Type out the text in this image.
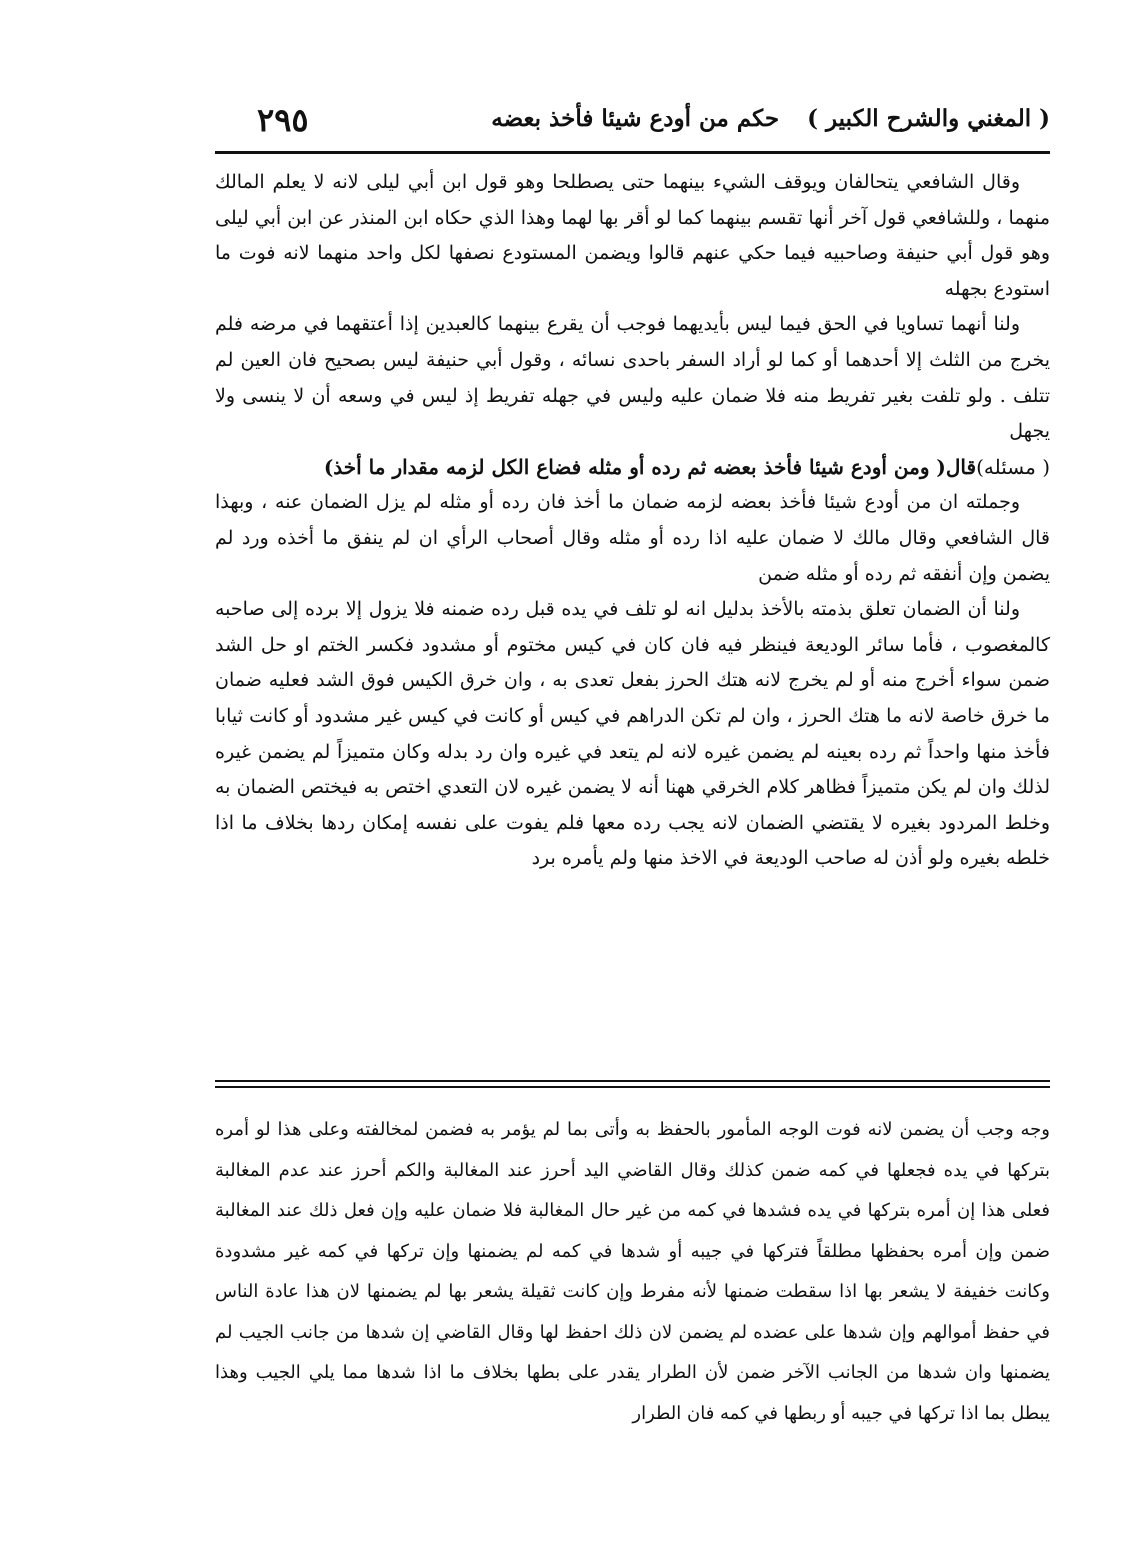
( المغني والشرح الكبير )حكم من أودع شيئا فأخذ بعضه
٢٩٥

وقال الشافعي يتحالفان ويوقف الشيء بينهما حتى يصطلحا وهو قول ابن أبي ليلى لانه لا يعلم المالك منهما ، وللشافعي قول آخر أنها تقسم بينهما كما لو أقر بها لهما وهذا الذي حكاه ابن المنذر عن ابن أبي ليلى وهو قول أبي حنيفة وصاحبيه فيما حكي عنهم قالوا ويضمن المستودع نصفها لكل واحد منهما لانه فوت ما استودع بجهله

ولنا أنهما تساويا في الحق فيما ليس بأيديهما فوجب أن يقرع بينهما كالعبدين إذا أعتقهما في مرضه فلم يخرج من الثلث إلا أحدهما أو كما لو أراد السفر باحدى نسائه ، وقول أبي حنيفة ليس بصحيح فان العين لم تتلف . ولو تلفت بغير تفريط منه فلا ضمان عليه وليس في جهله تفريط إذ ليس في وسعه أن لا ينسى ولا يجهل

( مسئله)قال( ومن أودع شيئا فأخذ بعضه ثم رده أو مثله فضاع الكل لزمه مقدار ما أخذ)

وجملته ان من أودع شيئا فأخذ بعضه لزمه ضمان ما أخذ فان رده أو مثله لم يزل الضمان عنه ، وبهذا قال الشافعي وقال مالك لا ضمان عليه اذا رده أو مثله وقال أصحاب الرأي ان لم ينفق ما أخذه ورد لم يضمن وإن أنفقه ثم رده أو مثله ضمن

ولنا أن الضمان تعلق بذمته بالأخذ بدليل انه لو تلف في يده قبل رده ضمنه فلا يزول إلا برده إلى صاحبه كالمغصوب ، فأما سائر الوديعة فينظر فيه فان كان في كيس مختوم أو مشدود فكسر الختم او حل الشد ضمن سواء أخرج منه أو لم يخرج لانه هتك الحرز بفعل تعدى به ، وان خرق الكيس فوق الشد فعليه ضمان ما خرق خاصة لانه ما هتك الحرز ، وان لم تكن الدراهم في كيس أو كانت في كيس غير مشدود أو كانت ثيابا فأخذ منها واحداً ثم رده بعينه لم يضمن غيره لانه لم يتعد في غيره وان رد بدله وكان متميزاً لم يضمن غيره لذلك وان لم يكن متميزاً فظاهر كلام الخرقي ههنا أنه لا يضمن غيره لان التعدي اختص به فيختص الضمان به وخلط المردود بغيره لا يقتضي الضمان لانه يجب رده معها فلم يفوت على نفسه إمكان ردها بخلاف ما اذا خلطه بغيره ولو أذن له صاحب الوديعة في الاخذ منها ولم يأمره برد

وجه وجب أن يضمن لانه فوت الوجه المأمور بالحفظ به وأتى بما لم يؤمر به فضمن لمخالفته وعلى هذا لو أمره بتركها في يده فجعلها في كمه ضمن كذلك وقال القاضي اليد أحرز عند المغالبة والكم أحرز عند عدم المغالبة فعلى هذا إن أمره بتركها في يده فشدها في كمه من غير حال المغالبة فلا ضمان عليه وإن فعل ذلك عند المغالبة ضمن وإن أمره بحفظها مطلقاً فتركها في جيبه أو شدها في كمه لم يضمنها وإن تركها في كمه غير مشدودة وكانت خفيفة لا يشعر بها اذا سقطت ضمنها لأنه مفرط وإن كانت ثقيلة يشعر بها لم يضمنها لان هذا عادة الناس في حفظ أموالهم وإن شدها على عضده لم يضمن لان ذلك احفظ لها وقال القاضي إن شدها من جانب الجيب لم يضمنها وان شدها من الجانب الآخر ضمن لأن الطرار يقدر على بطها بخلاف ما اذا شدها مما يلي الجيب وهذا يبطل بما اذا تركها في جيبه أو ربطها في كمه فان الطرار
